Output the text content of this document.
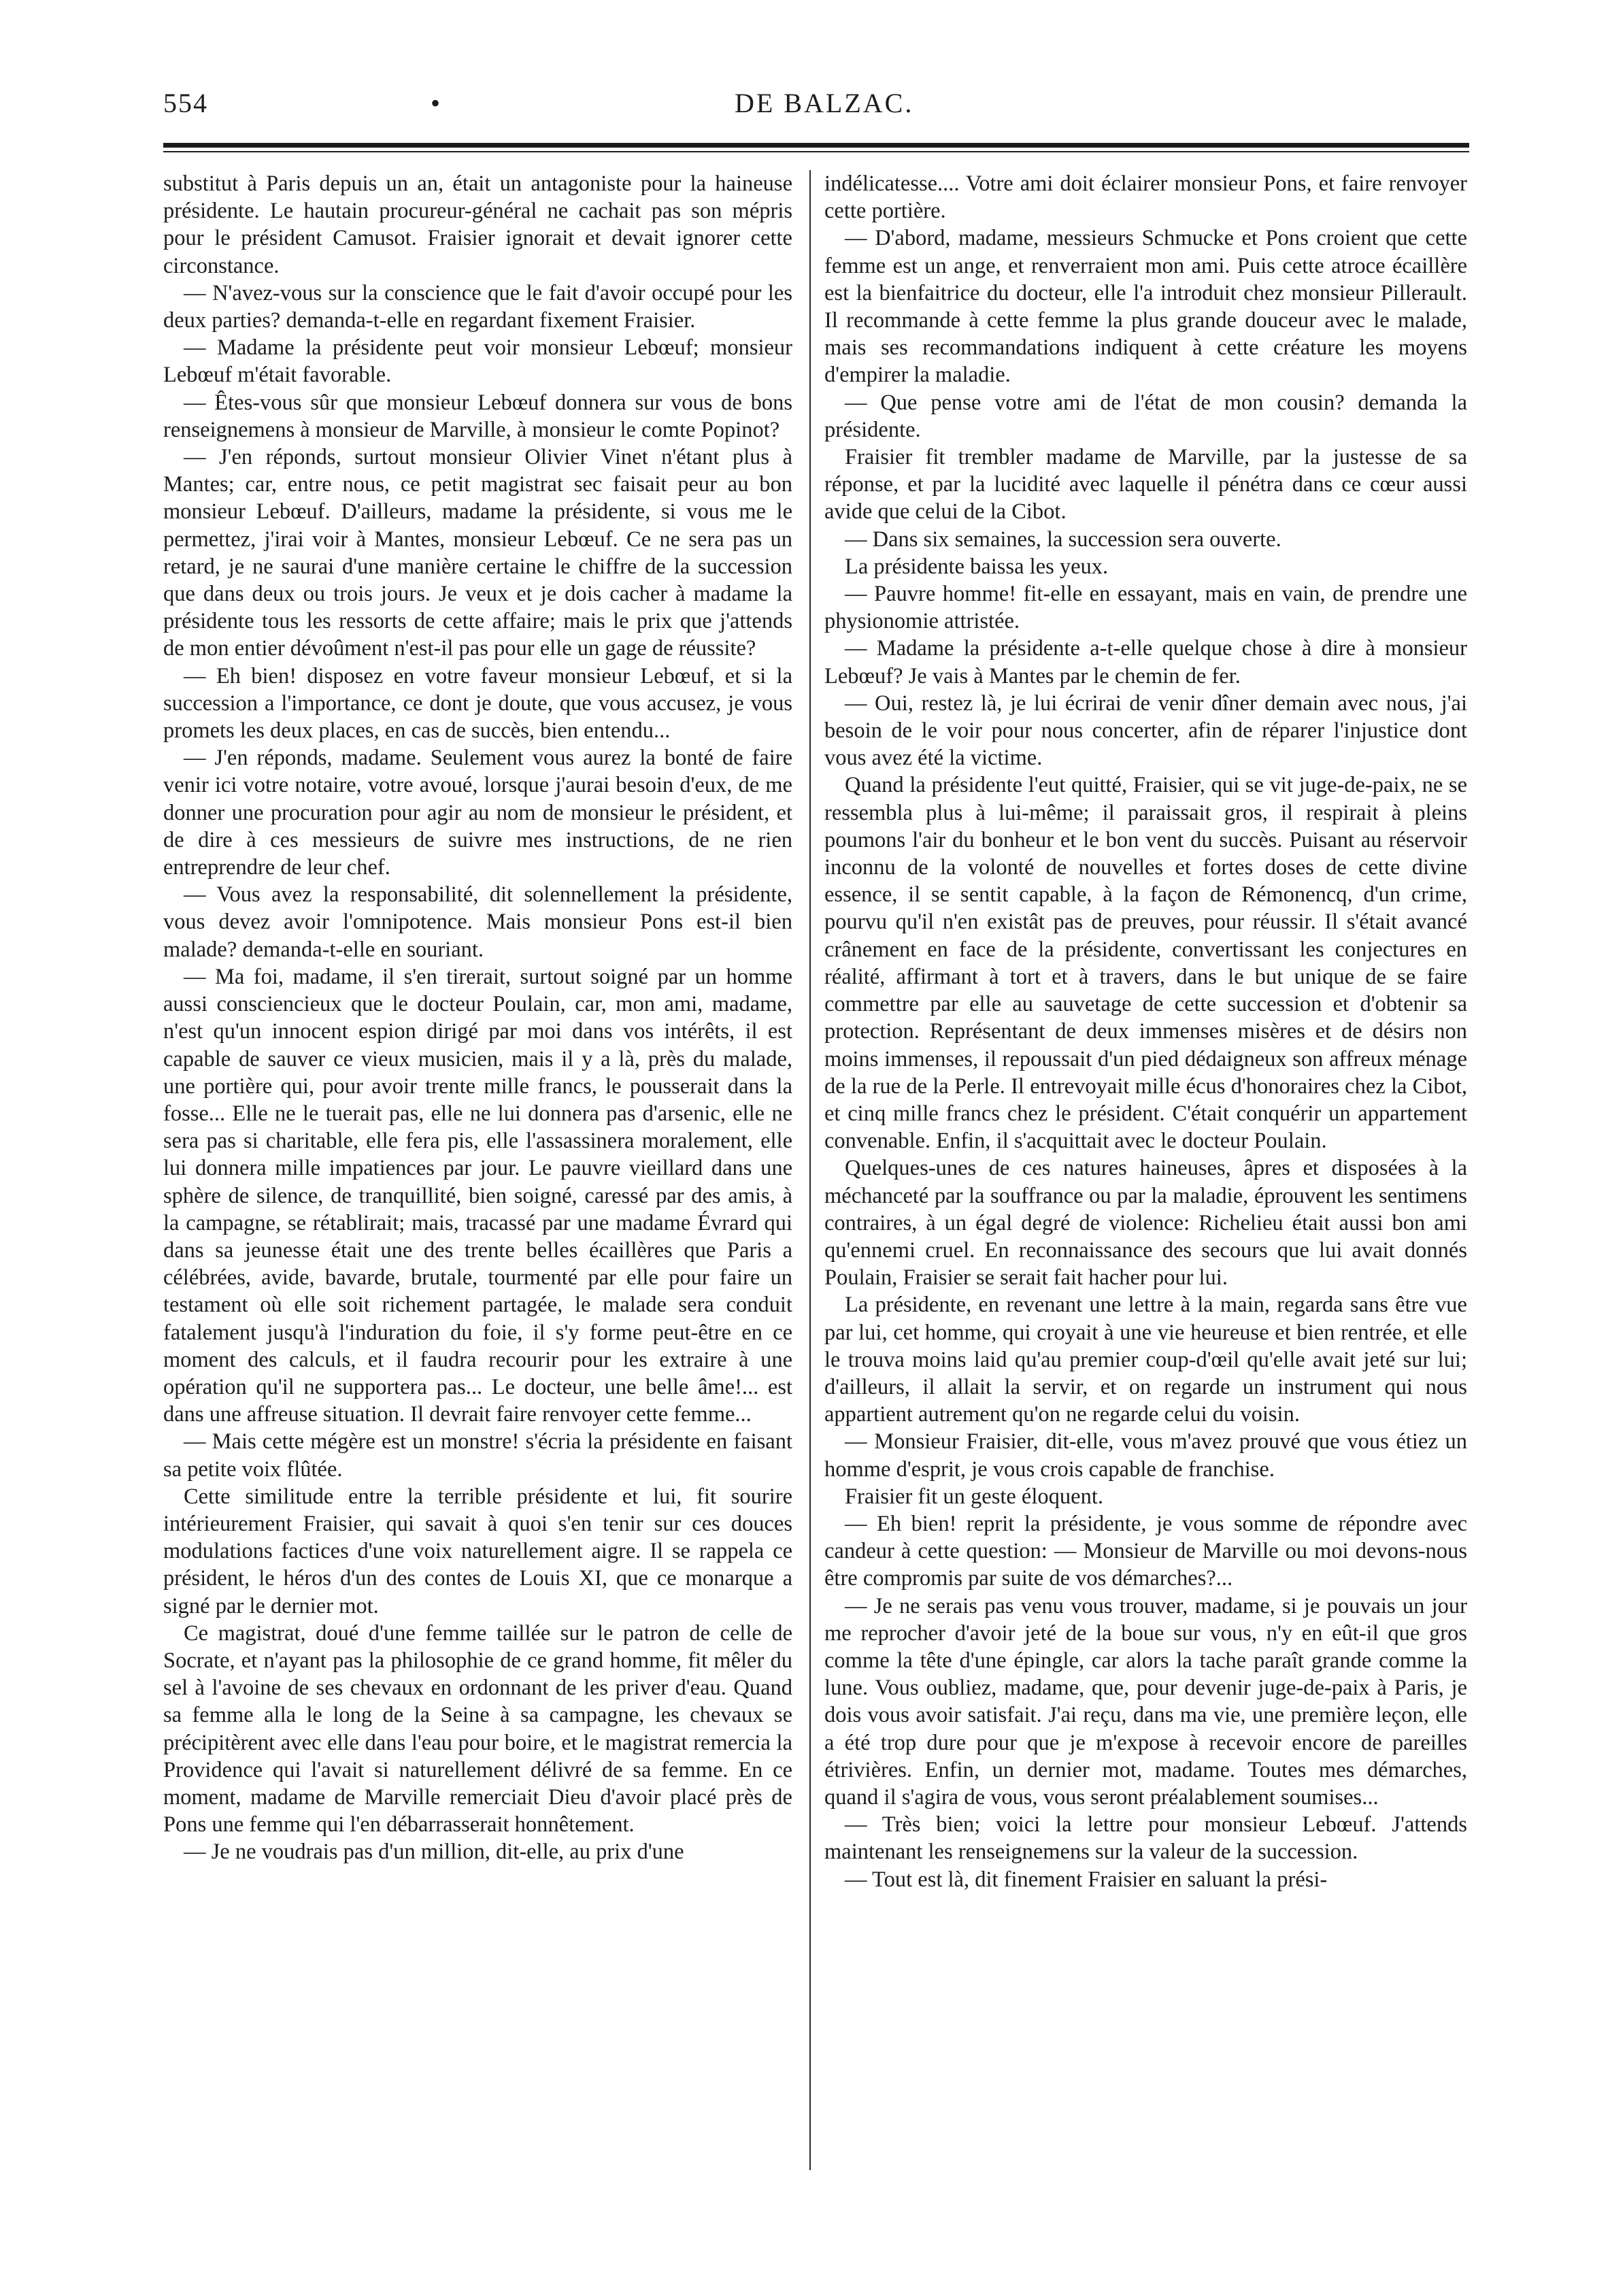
554	•	DE BALZAC.

substitut à Paris depuis un an, était un antagoniste pour la haineuse présidente. Le hautain procureur-général ne cachait pas son mépris pour le président Camusot. Fraisier ignorait et devait ignorer cette circonstance.

— N'avez-vous sur la conscience que le fait d'avoir occupé pour les deux parties? demanda-t-elle en regardant fixement Fraisier.

— Madame la présidente peut voir monsieur Lebœuf; monsieur Lebœuf m'était favorable.

— Êtes-vous sûr que monsieur Lebœuf donnera sur vous de bons renseignemens à monsieur de Marville, à monsieur le comte Popinot?

— J'en réponds, surtout monsieur Olivier Vinet n'étant plus à Mantes; car, entre nous, ce petit magistrat sec faisait peur au bon monsieur Lebœuf. D'ailleurs, madame la présidente, si vous me le permettez, j'irai voir à Mantes, monsieur Lebœuf. Ce ne sera pas un retard, je ne saurai d'une manière certaine le chiffre de la succession que dans deux ou trois jours. Je veux et je dois cacher à madame la présidente tous les ressorts de cette affaire; mais le prix que j'attends de mon entier dévoûment n'est-il pas pour elle un gage de réussite?

— Eh bien! disposez en votre faveur monsieur Lebœuf, et si la succession a l'importance, ce dont je doute, que vous accusez, je vous promets les deux places, en cas de succès, bien entendu...

— J'en réponds, madame. Seulement vous aurez la bonté de faire venir ici votre notaire, votre avoué, lorsque j'aurai besoin d'eux, de me donner une procuration pour agir au nom de monsieur le président, et de dire à ces messieurs de suivre mes instructions, de ne rien entreprendre de leur chef.

— Vous avez la responsabilité, dit solennellement la présidente, vous devez avoir l'omnipotence. Mais monsieur Pons est-il bien malade? demanda-t-elle en souriant.

— Ma foi, madame, il s'en tirerait, surtout soigné par un homme aussi consciencieux que le docteur Poulain, car, mon ami, madame, n'est qu'un innocent espion dirigé par moi dans vos intérêts, il est capable de sauver ce vieux musicien, mais il y a là, près du malade, une portière qui, pour avoir trente mille francs, le pousserait dans la fosse... Elle ne le tuerait pas, elle ne lui donnera pas d'arsenic, elle ne sera pas si charitable, elle fera pis, elle l'assassinera moralement, elle lui donnera mille impatiences par jour. Le pauvre vieillard dans une sphère de silence, de tranquillité, bien soigné, caressé par des amis, à la campagne, se rétablirait; mais, tracassé par une madame Évrard qui dans sa jeunesse était une des trente belles écaillères que Paris a célébrées, avide, bavarde, brutale, tourmenté par elle pour faire un testament où elle soit richement partagée, le malade sera conduit fatalement jusqu'à l'induration du foie, il s'y forme peut-être en ce moment des calculs, et il faudra recourir pour les extraire à une opération qu'il ne supportera pas... Le docteur, une belle âme!... est dans une affreuse situation. Il devrait faire renvoyer cette femme...

— Mais cette mégère est un monstre! s'écria la présidente en faisant sa petite voix flûtée.

Cette similitude entre la terrible présidente et lui, fit sourire intérieurement Fraisier, qui savait à quoi s'en tenir sur ces douces modulations factices d'une voix naturellement aigre. Il se rappela ce président, le héros d'un des contes de Louis XI, que ce monarque a signé par le dernier mot.

Ce magistrat, doué d'une femme taillée sur le patron de celle de Socrate, et n'ayant pas la philosophie de ce grand homme, fit mêler du sel à l'avoine de ses chevaux en ordonnant de les priver d'eau. Quand sa femme alla le long de la Seine à sa campagne, les chevaux se précipitèrent avec elle dans l'eau pour boire, et le magistrat remercia la Providence qui l'avait si naturellement délivré de sa femme. En ce moment, madame de Marville remerciait Dieu d'avoir placé près de Pons une femme qui l'en débarrasserait honnêtement.

— Je ne voudrais pas d'un million, dit-elle, au prix d'une

indélicatesse.... Votre ami doit éclairer monsieur Pons, et faire renvoyer cette portière.

— D'abord, madame, messieurs Schmucke et Pons croient que cette femme est un ange, et renverraient mon ami. Puis cette atroce écaillère est la bienfaitrice du docteur, elle l'a introduit chez monsieur Pillerault. Il recommande à cette femme la plus grande douceur avec le malade, mais ses recommandations indiquent à cette créature les moyens d'empirer la maladie.

— Que pense votre ami de l'état de mon cousin? demanda la présidente.

Fraisier fit trembler madame de Marville, par la justesse de sa réponse, et par la lucidité avec laquelle il pénétra dans ce cœur aussi avide que celui de la Cibot.

— Dans six semaines, la succession sera ouverte.

La présidente baissa les yeux.

— Pauvre homme! fit-elle en essayant, mais en vain, de prendre une physionomie attristée.

— Madame la présidente a-t-elle quelque chose à dire à monsieur Lebœuf? Je vais à Mantes par le chemin de fer.

— Oui, restez là, je lui écrirai de venir dîner demain avec nous, j'ai besoin de le voir pour nous concerter, afin de réparer l'injustice dont vous avez été la victime.

Quand la présidente l'eut quitté, Fraisier, qui se vit juge-de-paix, ne se ressembla plus à lui-même; il paraissait gros, il respirait à pleins poumons l'air du bonheur et le bon vent du succès. Puisant au réservoir inconnu de la volonté de nouvelles et fortes doses de cette divine essence, il se sentit capable, à la façon de Rémonencq, d'un crime, pourvu qu'il n'en existât pas de preuves, pour réussir. Il s'était avancé crânement en face de la présidente, convertissant les conjectures en réalité, affirmant à tort et à travers, dans le but unique de se faire commettre par elle au sauvetage de cette succession et d'obtenir sa protection. Représentant de deux immenses misères et de désirs non moins immenses, il repoussait d'un pied dédaigneux son affreux ménage de la rue de la Perle. Il entrevoyait mille écus d'honoraires chez la Cibot, et cinq mille francs chez le président. C'était conquérir un appartement convenable. Enfin, il s'acquittait avec le docteur Poulain.

Quelques-unes de ces natures haineuses, âpres et disposées à la méchanceté par la souffrance ou par la maladie, éprouvent les sentimens contraires, à un égal degré de violence: Richelieu était aussi bon ami qu'ennemi cruel. En reconnaissance des secours que lui avait donnés Poulain, Fraisier se serait fait hacher pour lui.

La présidente, en revenant une lettre à la main, regarda sans être vue par lui, cet homme, qui croyait à une vie heureuse et bien rentrée, et elle le trouva moins laid qu'au premier coup-d'œil qu'elle avait jeté sur lui; d'ailleurs, il allait la servir, et on regarde un instrument qui nous appartient autrement qu'on ne regarde celui du voisin.

— Monsieur Fraisier, dit-elle, vous m'avez prouvé que vous étiez un homme d'esprit, je vous crois capable de franchise.

Fraisier fit un geste éloquent.

— Eh bien! reprit la présidente, je vous somme de répondre avec candeur à cette question: — Monsieur de Marville ou moi devons-nous être compromis par suite de vos démarches?...

— Je ne serais pas venu vous trouver, madame, si je pouvais un jour me reprocher d'avoir jeté de la boue sur vous, n'y en eût-il que gros comme la tête d'une épingle, car alors la tache paraît grande comme la lune. Vous oubliez, madame, que, pour devenir juge-de-paix à Paris, je dois vous avoir satisfait. J'ai reçu, dans ma vie, une première leçon, elle a été trop dure pour que je m'expose à recevoir encore de pareilles étrivières. Enfin, un dernier mot, madame. Toutes mes démarches, quand il s'agira de vous, vous seront préalablement soumises...

— Très bien; voici la lettre pour monsieur Lebœuf. J'attends maintenant les renseignemens sur la valeur de la succession.

— Tout est là, dit finement Fraisier en saluant la prési-
